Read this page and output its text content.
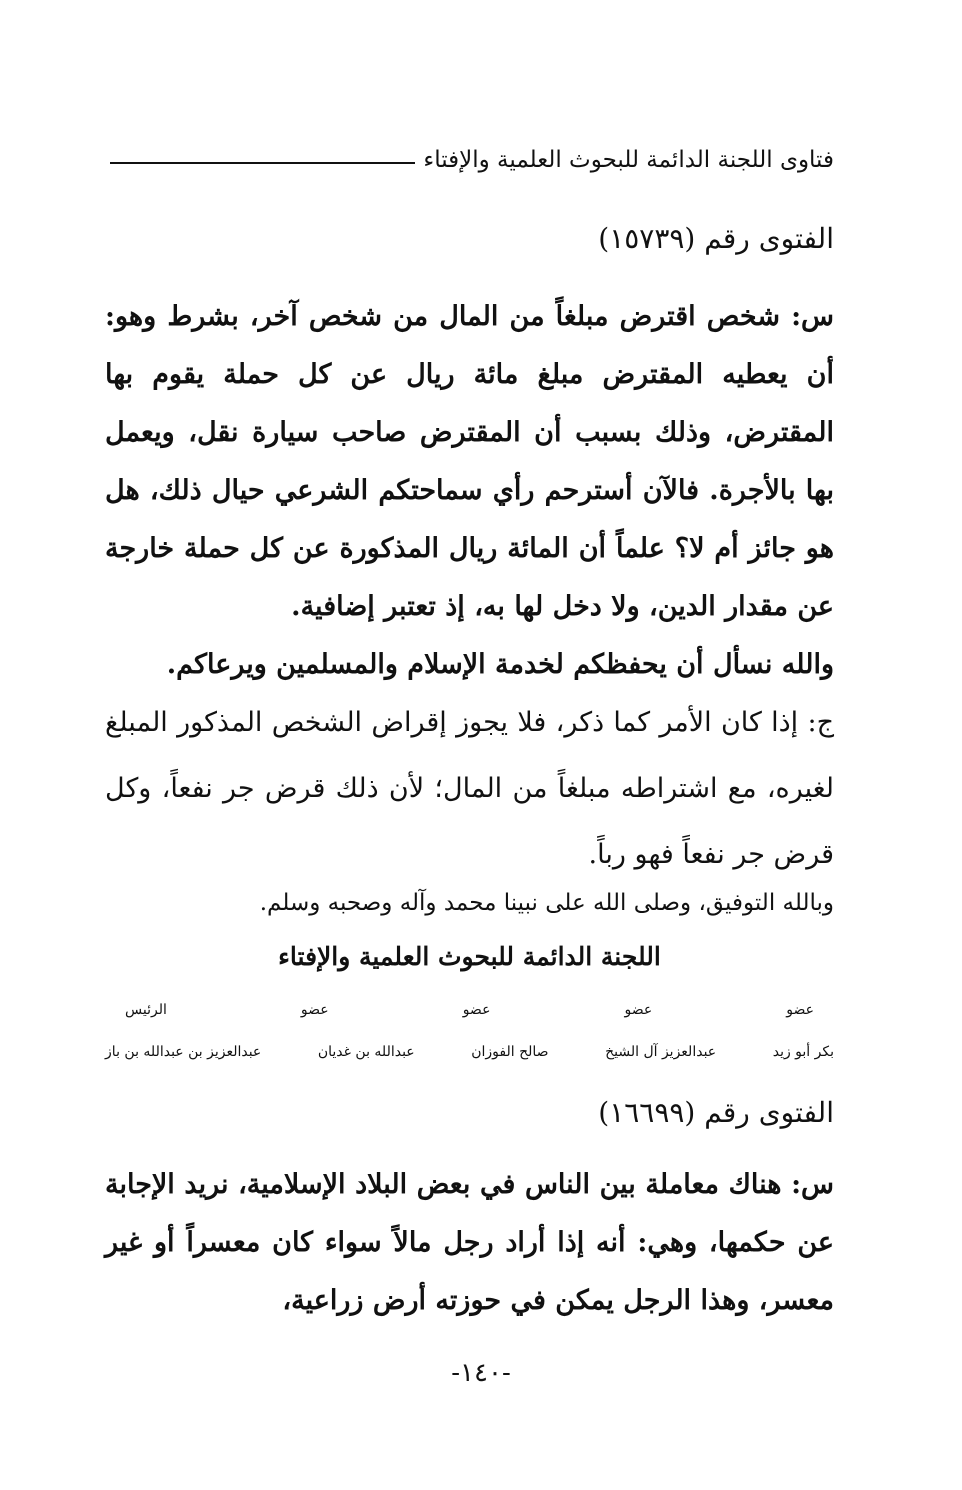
فتاوى اللجنة الدائمة للبحوث العلمية والإفتاء
الفتوى رقم (١٥٧٣٩)
س: شخص اقترض مبلغاً من المال من شخص آخر، بشرط وهو: أن يعطيه المقترض مبلغ مائة ريال عن كل حملة يقوم بها المقترض، وذلك بسبب أن المقترض صاحب سيارة نقل، ويعمل بها بالأجرة. فالآن أسترحم رأي سماحتكم الشرعي حيال ذلك، هل هو جائز أم لا؟ علماً أن المائة ريال المذكورة عن كل حملة خارجة عن مقدار الدين، ولا دخل لها به، إذ تعتبر إضافية.
والله نسأل أن يحفظكم لخدمة الإسلام والمسلمين ويرعاكم.
ج: إذا كان الأمر كما ذكر، فلا يجوز إقراض الشخص المذكور المبلغ لغيره، مع اشتراطه مبلغاً من المال؛ لأن ذلك قرض جر نفعاً، وكل قرض جر نفعاً فهو رباً.
وبالله التوفيق، وصلى الله على نبينا محمد وآله وصحبه وسلم.
اللجنة الدائمة للبحوث العلمية والإفتاء
عضو
عضو
عضو
عضو
الرئيس
بكر أبو زيد
عبدالعزيز آل الشيخ
صالح الفوزان
عبدالله بن غديان
عبدالعزيز بن عبدالله بن باز
الفتوى رقم (١٦٦٩٩)
س: هناك معاملة بين الناس في بعض البلاد الإسلامية، نريد الإجابة عن حكمها، وهي: أنه إذا أراد رجل مالاً سواء كان معسراً أو غير معسر، وهذا الرجل يمكن في حوزته أرض زراعية،
-١٤٠-
